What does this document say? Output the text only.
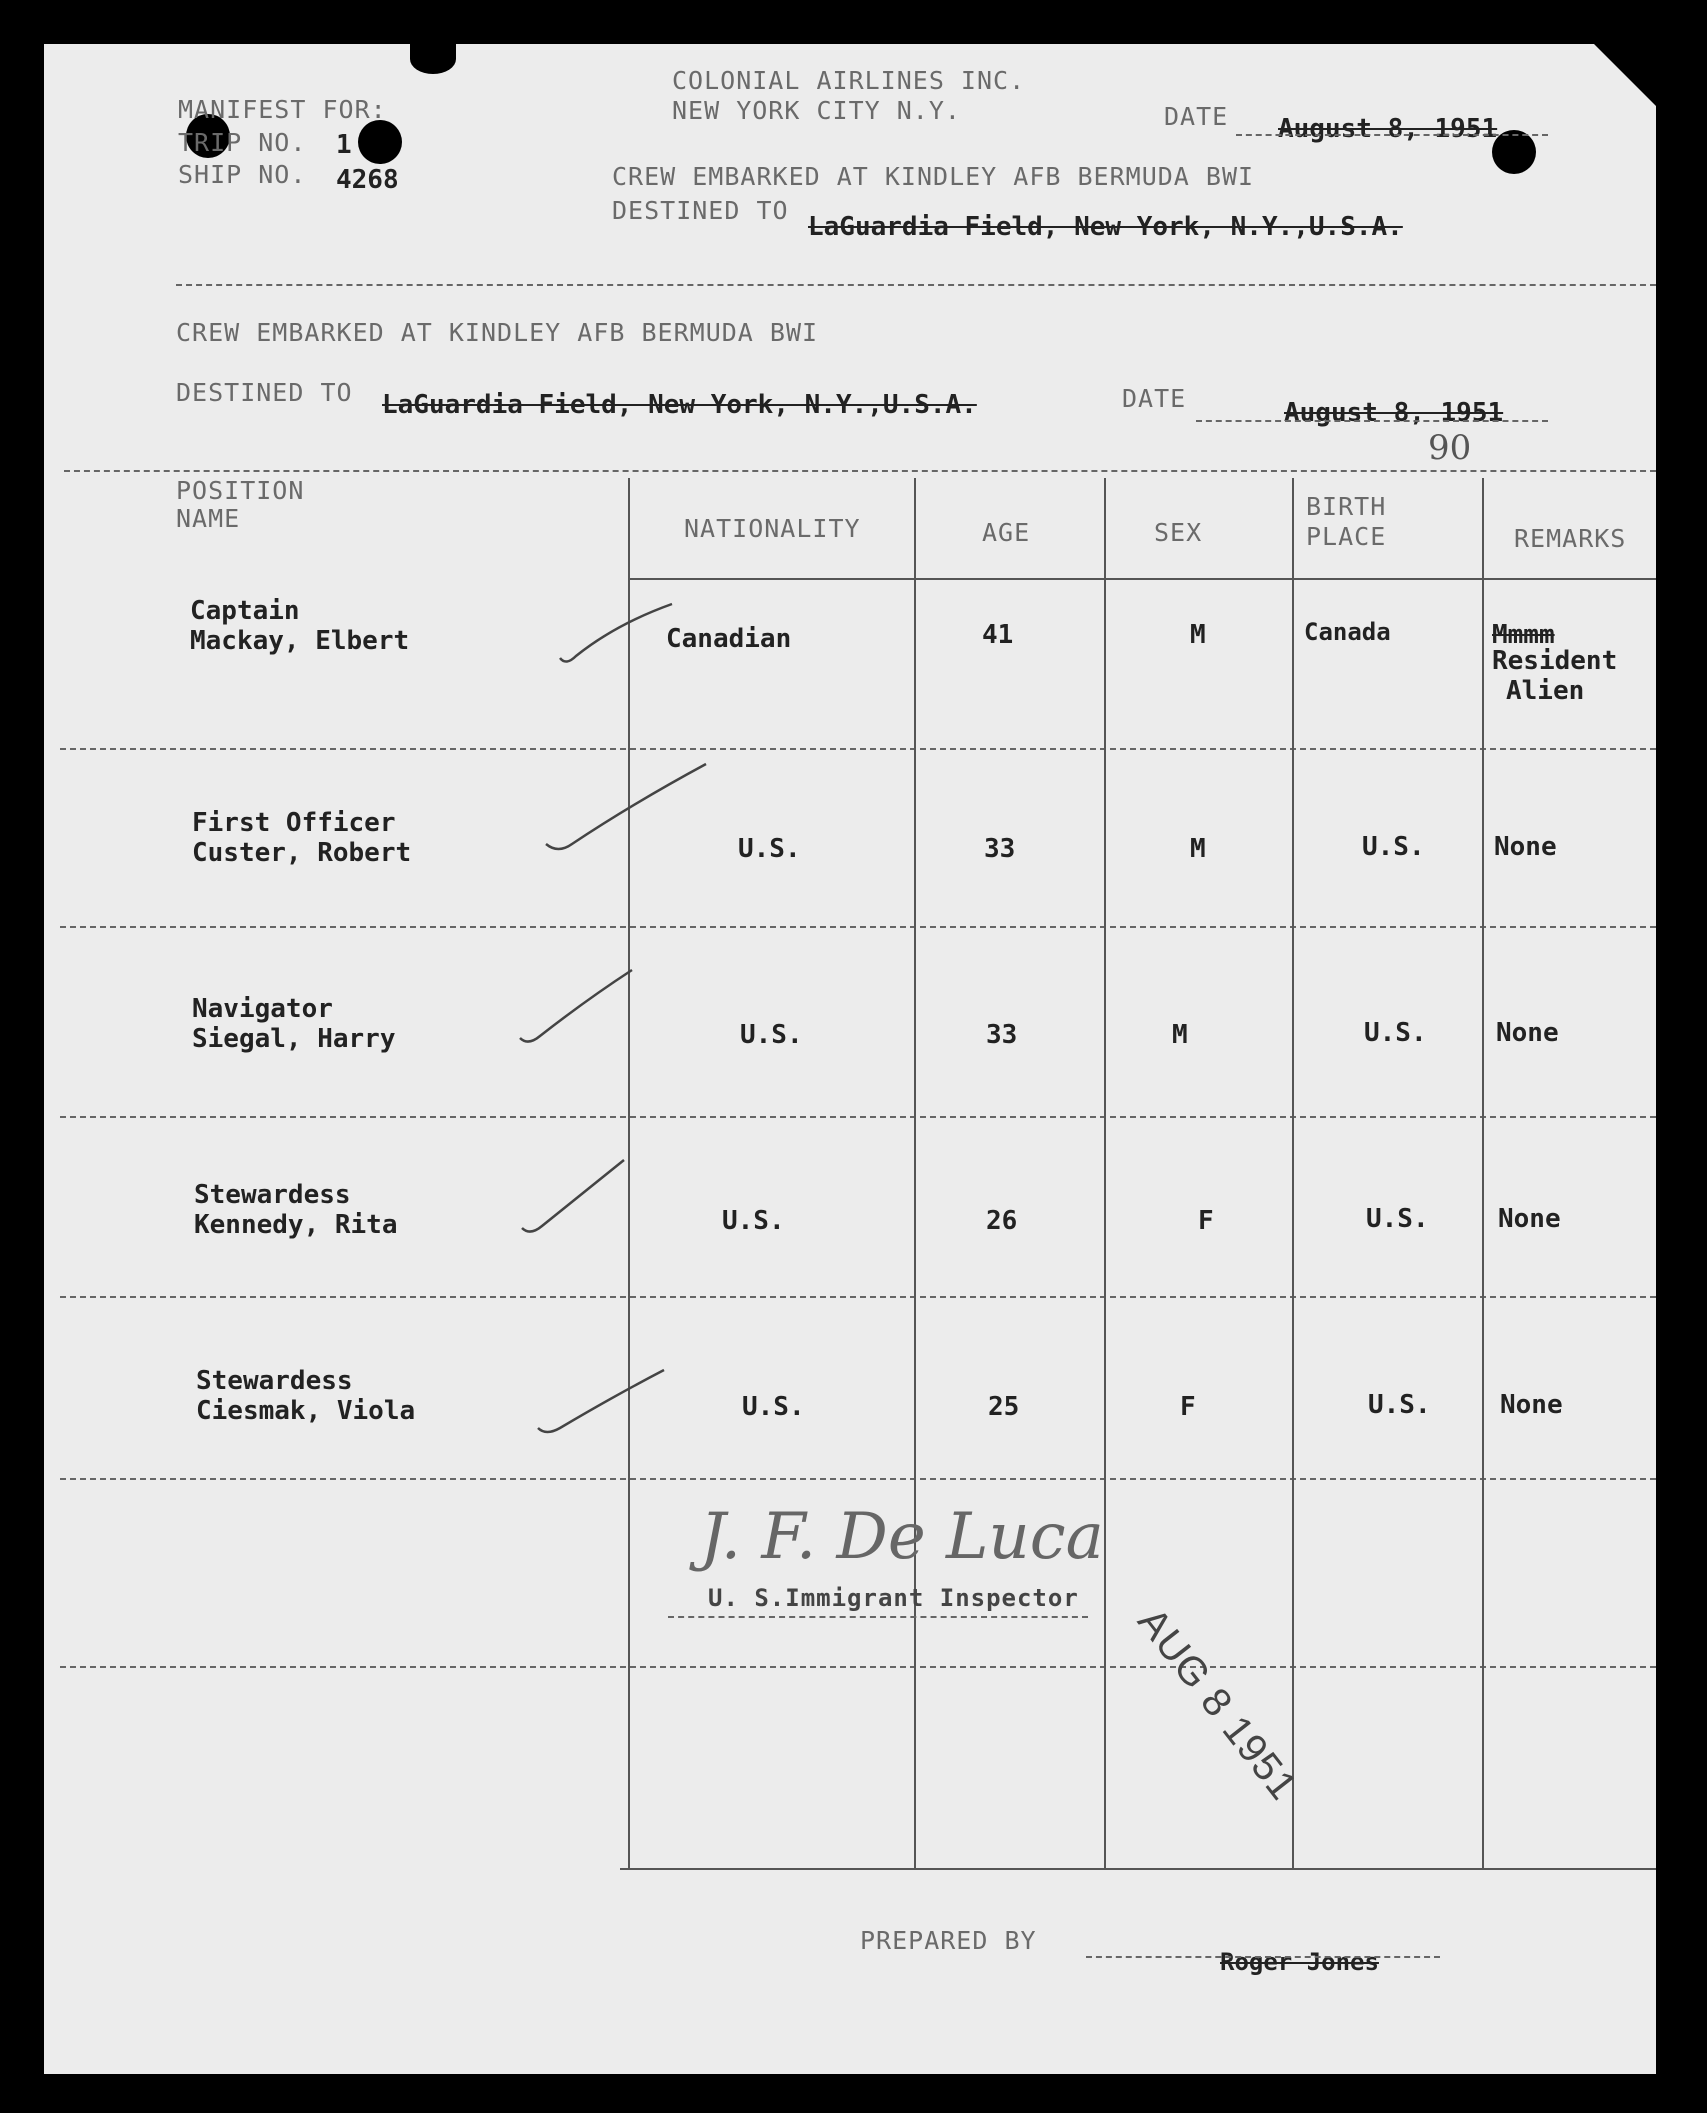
MANIFEST FOR:
TRIP NO. 1
SHIP NO. 4268
COLONIAL AIRLINES INC.
NEW YORK CITY N.Y.	DATE August 8, 1951
CREW EMBARKED AT KINDLEY AFB BERMUDA BWI
DESTINED TO
LaGuardia Field, New York, N.Y.,U.S.A.
CREW EMBARKED AT KINDLEY AFB BERMUDA BWI
DESTINED TO LaGuardia Field, New York, N.Y.,U.S.A.	DATE	August 8, 1951
90
POSITION
NAME	NATIONALITY	AGE	SEX
BIRTH
PLACE	REMARKS
Captain
Mackay, Elbert	Canadian	41	M	Canada	Mmmm
Resident
Alien
First Officer
Custer, Robert	U.S.	33	M	U.S.	None
Navigator
Siegal, Harry	U.S.	33	M	U.S.	None
Stewardess
Kennedy, Rita	U.S.	26	F	U.S.	None
Stewardess
Ciesmak, Viola	U.S.	25	F	U.S.	None
J. F. De Luca
U. S.Immigrant Inspector
AUG 8 1951
PREPARED BY
Roger Jones
